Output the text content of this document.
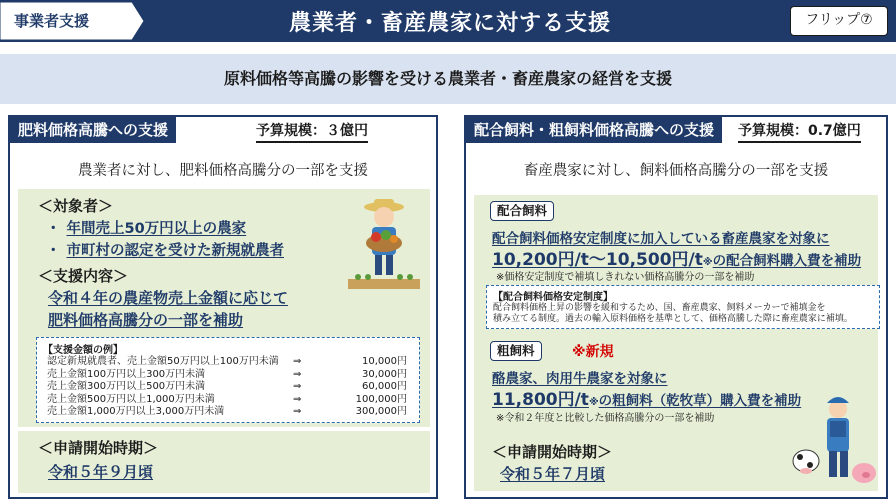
事業者支援	農業者・畜産農家に対する支援	フリップ⑦
原料価格等高騰の影響を受ける農業者・畜産農家の経営を支援
肥料価格高騰への支援	予算規模：３億円
農業者に対し、肥料価格高騰分の一部を支援
＜対象者＞
・ 年間売上50万円以上の農家
・ 市町村の認定を受けた新規就農者
＜支援内容＞
令和４年の農産物売上金額に応じて
肥料価格高騰分の一部を補助
【支援金額の例】
認定新規就農者、売上金額50万円以上100万円未満 ⇒	10,000円
売上金額100万円以上300万円未満	⇒	30,000円
売上金額300万円以上500万円未満	⇒	60,000円
売上金額500万円以上1,000万円未満	⇒	100,000円
売上金額1,000万円以上3,000万円未満	⇒	300,000円
＜申請開始時期＞
令和５年９月頃
配合飼料・粗飼料価格高騰への支援	予算規模：0.7億円
畜産農家に対し、飼料価格高騰分の一部を支援
配合飼料
配合飼料価格安定制度に加入している畜産農家を対象に
10,200円/t～10,500円/t※の配合飼料購入費を補助
※価格安定制度で補填しきれない価格高騰分の一部を補助
粗飼料	※新規
酪農家、肉用牛農家を対象に
11,800円/t※の粗飼料（乾牧草）購入費を補助
※令和２年度と比較した価格高騰分の一部を補助
＜申請開始時期＞
令和５年７月頃
【配合飼料価格安定制度】
配合飼料価格上昇の影響を緩和するため、国、畜産農家、飼料メーカーで補填金を
積み立てる制度。過去の輸入原料価格を基準として、価格高騰した際に畜産農家に補填。
